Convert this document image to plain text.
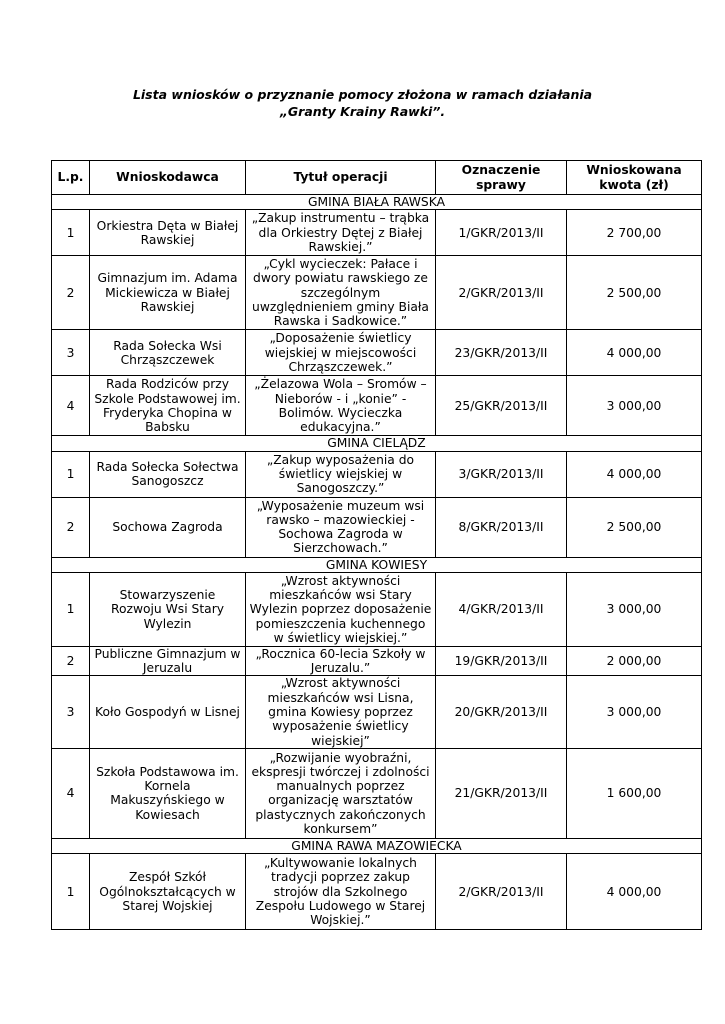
Lista wniosków o przyznanie pomocy złożona w ramach działania
„Granty Krainy Rawki”.
L.p.	Wnioskodawca	Tytuł operacji	Oznaczenie sprawy	Wnioskowana kwota (zł)
GMINA BIAŁA RAWSKA				
1	Orkiestra Dęta w Białej Rawskiej	„Zakup instrumentu – trąbka dla Orkiestry Dętej z Białej Rawskiej.”	1/GKR/2013/II	2 700,00
2	Gimnazjum im. Adama Mickiewicza w Białej Rawskiej	„Cykl wycieczek: Pałace i dwory powiatu rawskiego ze szczególnym uwzględnieniem gminy Biała Rawska i Sadkowice.”	2/GKR/2013/II	2 500,00
3	Rada Sołecka Wsi Chrząszczewek	„Doposażenie świetlicy wiejskiej w miejscowości Chrząszczewek.”	23/GKR/2013/II	4 000,00
4	Rada Rodziców przy Szkole Podstawowej im. Fryderyka Chopina w Babsku	„Żelazowa Wola – Sromów – Nieborów - i „konie” - Bolimów. Wycieczka edukacyjna.”	25/GKR/2013/II	3 000,00
GMINA CIELĄDZ				
1	Rada Sołecka Sołectwa Sanogoszcz	„Zakup wyposażenia do świetlicy wiejskiej w Sanogoszczy.”	3/GKR/2013/II	4 000,00
2	Sochowa Zagroda	„Wyposażenie muzeum wsi rawsko – mazowieckiej - Sochowa Zagroda w Sierzchowach.”	8/GKR/2013/II	2 500,00
GMINA KOWIESY				
1	Stowarzyszenie Rozwoju Wsi Stary Wylezin	„Wzrost aktywności mieszkańców wsi Stary Wylezin poprzez doposażenie pomieszczenia kuchennego w świetlicy wiejskiej.”	4/GKR/2013/II	3 000,00
2	Publiczne Gimnazjum w Jeruzalu	„Rocznica 60-lecia Szkoły w Jeruzalu.”	19/GKR/2013/II	2 000,00
3	Koło Gospodyń w Lisnej	„Wzrost aktywności mieszkańców wsi Lisna, gmina Kowiesy poprzez wyposażenie świetlicy wiejskiej”	20/GKR/2013/II	3 000,00
4	Szkoła Podstawowa im. Kornela Makuszyńskiego w Kowiesach	„Rozwijanie wyobraźni, ekspresji twórczej i zdolności manualnych poprzez organizację warsztatów plastycznych zakończonych konkursem”	21/GKR/2013/II	1 600,00
GMINA RAWA MAZOWIECKA				
1	Zespół Szkół Ogólnokształcących w Starej Wojskiej	„Kultywowanie lokalnych tradycji poprzez zakup strojów dla Szkolnego Zespołu Ludowego w Starej Wojskiej.”	2/GKR/2013/II	4 000,00
